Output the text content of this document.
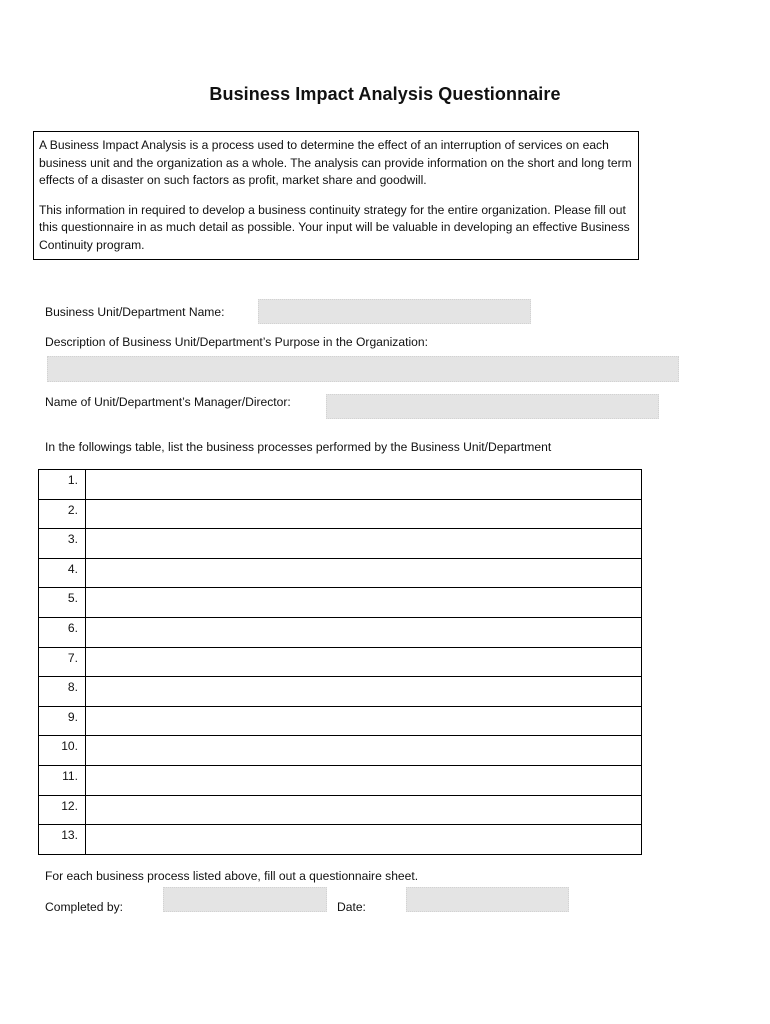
Business Impact Analysis Questionnaire

A Business Impact Analysis is a process used to determine the effect of an interruption of services on each business unit and the organization as a whole. The analysis can provide information on the short and long term effects of a disaster on such factors as profit, market share and goodwill.

This information in required to develop a business continuity strategy for the entire organization. Please fill out this questionnaire in as much detail as possible. Your input will be valuable in developing an effective Business Continuity program.

Business Unit/Department Name:
Description of Business Unit/Department’s Purpose in the Organization:
Name of Unit/Department’s Manager/Director:
In the followings table, list the business processes performed by the Business Unit/Department
1.	
2.	
3.	
4.	
5.	
6.	
7.	
8.	
9.	
10.	
11.	
12.	
13.	
For each business process listed above, fill out a questionnaire sheet.
Completed by:	Date:
